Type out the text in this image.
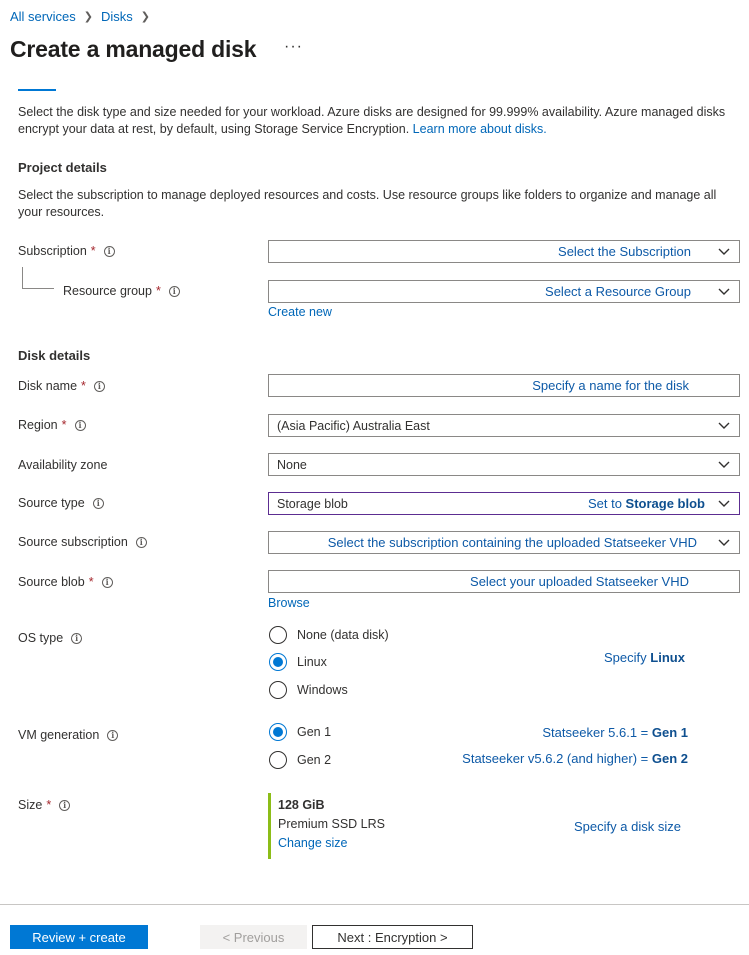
All services ❯ Disks ❯
Create a managed disk ···
Select the disk type and size needed for your workload. Azure disks are designed for 99.999% availability. Azure managed disks encrypt your data at rest, by default, using Storage Service Encryption. Learn more about disks.
Project details
Select the subscription to manage deployed resources and costs. Use resource groups like folders to organize and manage all your resources.
Subscription *	i	Select the Subscription
Resource group *	i	Select a Resource Group
Create new
Disk details
Disk name *	i	Specify a name for the disk
Region *	i	(Asia Pacific) Australia East
Availability zone	None
Source type	i	Storage blob	Set to Storage blob
Source subscription	i	Select the subscription containing the uploaded Statseeker VHD
Source blob *	i	Select your uploaded Statseeker VHD
Browse
OS type	i	None (data disk)
Linux
Windows
Specify Linux
VM generation	i	Gen 1
Gen 2
Statseeker 5.6.1 = Gen 1
Statseeker v5.6.2 (and higher) = Gen 2
Size *	i	128 GiB
Premium SSD LRS
Change size
Specify a disk size
Review + create	< Previous	Next : Encryption >
